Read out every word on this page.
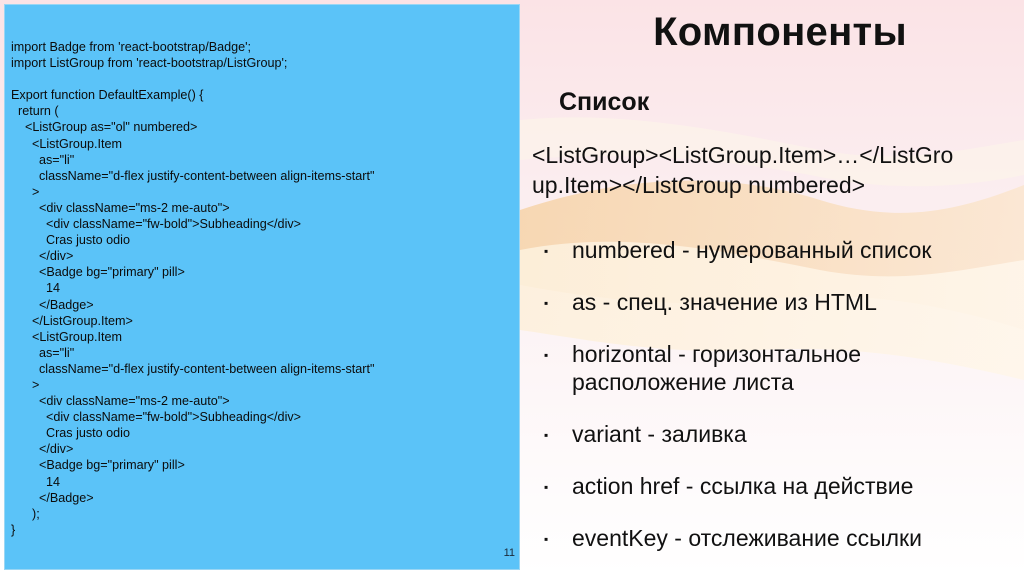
import Badge from 'react-bootstrap/Badge';
import ListGroup from 'react-bootstrap/ListGroup';
Export function DefaultExample() {
return (
<ListGroup as="ol" numbered>
<ListGroup.Item
as="li"
className="d-flex justify-content-between align-items-start"
>
<div className="ms-2 me-auto">
<div className="fw-bold">Subheading</div>
Cras justo odio
</div>
<Badge bg="primary" pill>
14
</Badge>
</ListGroup.Item>
<ListGroup.Item
as="li"
className="d-flex justify-content-between align-items-start"
>
<div className="ms-2 me-auto">
<div className="fw-bold">Subheading</div>
Cras justo odio
</div>
<Badge bg="primary" pill>
14
</Badge>
);
}
11
Компоненты
Список
<ListGroup><ListGroup.Item>…</ListGro
up.Item></ListGroup numbered>
▪ numbered - нумерованный список
▪ as - спец. значение из HTML
▪ horizontal - горизонтальное
расположение листа
▪ variant - заливка
▪ action href - ссылка на действие
▪ eventKey - отслеживание ссылки
